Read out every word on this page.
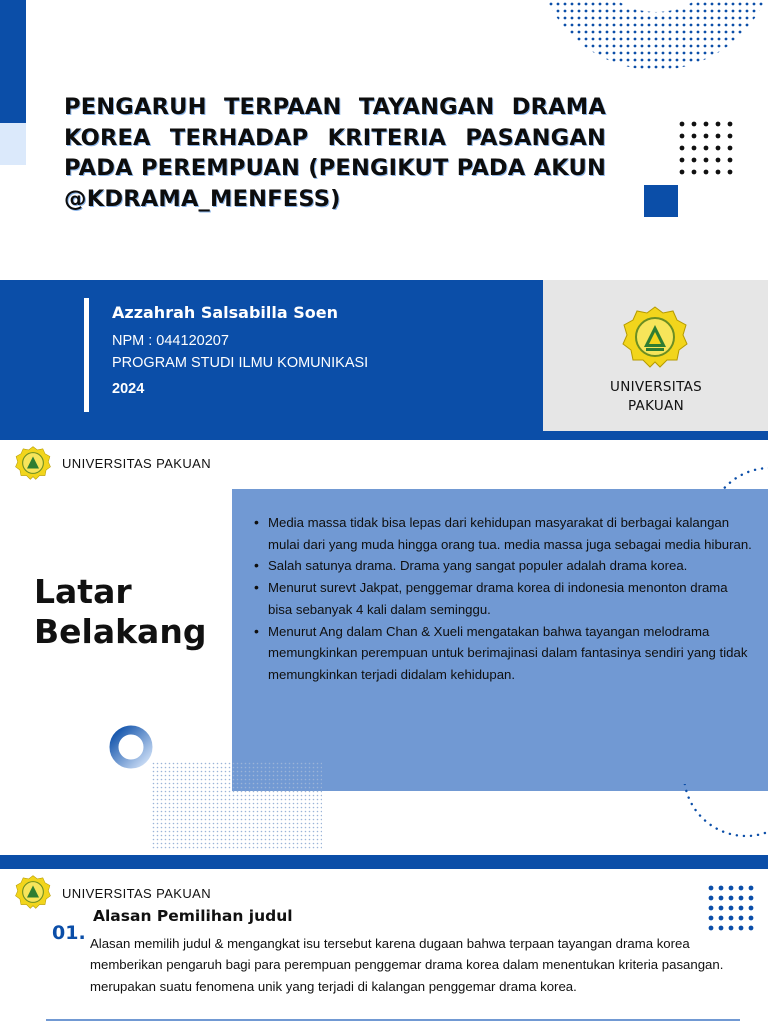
PENGARUH TERPAAN TAYANGAN DRAMA KOREA TERHADAP KRITERIA PASANGAN PADA PEREMPUAN (PENGIKUT PADA AKUN @KDRAMA_MENFESS)
Azzahrah Salsabilla Soen
NPM : 044120207
PROGRAM STUDI ILMU KOMUNIKASI
2024	UNIVERSITAS
PAKUAN
UNIVERSITAS PAKUAN
Latar
Belakang
• Media massa tidak bisa lepas dari kehidupan masyarakat di berbagai kalangan mulai dari yang muda hingga orang tua. media massa juga sebagai media hiburan.
• Salah satunya drama. Drama yang sangat populer adalah drama korea.
• Menurut surevt Jakpat, penggemar drama korea di indonesia menonton drama bisa sebanyak 4 kali dalam seminggu.
• Menurut Ang dalam Chan & Xueli mengatakan bahwa tayangan melodrama memungkinkan perempuan untuk berimajinasi dalam fantasinya sendiri yang tidak memungkinkan terjadi didalam kehidupan.
UNIVERSITAS PAKUAN
01.
Alasan Pemilihan judul

Alasan memilih judul & mengangkat isu tersebut karena dugaan bahwa terpaan tayangan drama korea memberikan pengaruh bagi para perempuan penggemar drama korea dalam menentukan kriteria pasangan. merupakan suatu fenomena unik yang terjadi di kalangan penggemar drama korea.
